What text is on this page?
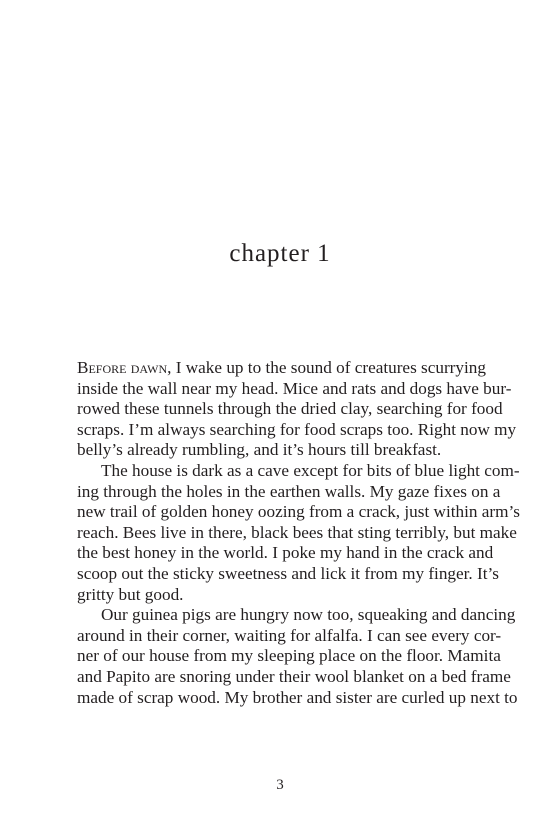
chapter 1
Before dawn, I wake up to the sound of creatures scurrying
inside the wall near my head. Mice and rats and dogs have bur-
rowed these tunnels through the dried clay, searching for food
scraps. I’m always searching for food scraps too. Right now my
belly’s already rumbling, and it’s hours till breakfast.
The house is dark as a cave except for bits of blue light com-
ing through the holes in the earthen walls. My gaze fixes on a
new trail of golden honey oozing from a crack, just within arm’s
reach. Bees live in there, black bees that sting terribly, but make
the best honey in the world. I poke my hand in the crack and
scoop out the sticky sweetness and lick it from my finger. It’s
gritty but good.
Our guinea pigs are hungry now too, squeaking and dancing
around in their corner, waiting for alfalfa. I can see every cor-
ner of our house from my sleeping place on the floor. Mamita
3
and Papito are snoring under their wool blanket on a bed frame
made of scrap wood. My brother and sister are curled up next to
